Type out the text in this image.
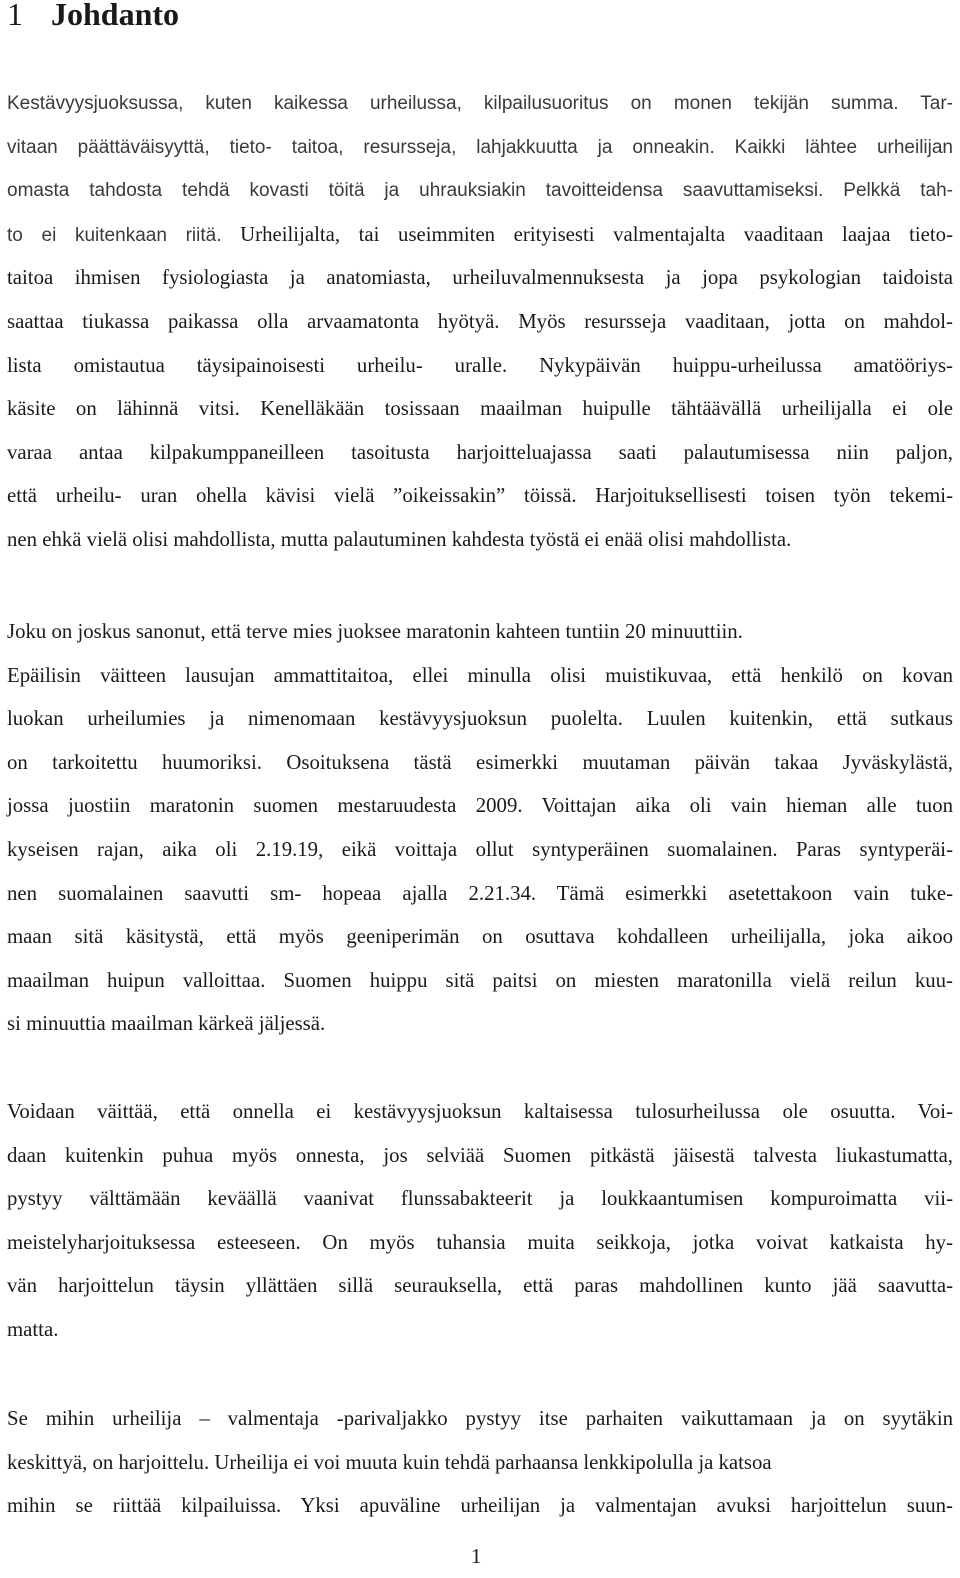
1 Johdanto
Kestävyysjuoksussa, kuten kaikessa urheilussa, kilpailusuoritus on monen tekijän summa. Tar-
vitaan päättäväisyyttä, tieto- taitoa, resursseja, lahjakkuutta ja onneakin. Kaikki lähtee urheilijan
omasta tahdosta tehdä kovasti töitä ja uhrauksiakin tavoitteidensa saavuttamiseksi. Pelkkä tah-
to ei kuitenkaan riitä. Urheilijalta, tai useimmiten erityisesti valmentajalta vaaditaan laajaa tieto-
taitoa ihmisen fysiologiasta ja anatomiasta, urheiluvalmennuksesta ja jopa psykologian taidoista
saattaa tiukassa paikassa olla arvaamatonta hyötyä. Myös resursseja vaaditaan, jotta on mahdol-
lista omistautua täysipainoisesti urheilu- uralle. Nykypäivän huippu-urheilussa amatööriys-
käsite on lähinnä vitsi. Kenelläkään tosissaan maailman huipulle tähtäävällä urheilijalla ei ole
varaa antaa kilpakumppaneilleen tasoitusta harjoitteluajassa saati palautumisessa niin paljon,
että urheilu- uran ohella kävisi vielä ”oikeissakin” töissä. Harjoituksellisesti toisen työn tekemi-
nen ehkä vielä olisi mahdollista, mutta palautuminen kahdesta työstä ei enää olisi mahdollista.
Joku on joskus sanonut, että terve mies juoksee maratonin kahteen tuntiin 20 minuuttiin.
Epäilisin väitteen lausujan ammattitaitoa, ellei minulla olisi muistikuvaa, että henkilö on kovan
luokan urheilumies ja nimenomaan kestävyysjuoksun puolelta. Luulen kuitenkin, että sutkaus
on tarkoitettu huumoriksi. Osoituksena tästä esimerkki muutaman päivän takaa Jyväskylästä,
jossa juostiin maratonin suomen mestaruudesta 2009. Voittajan aika oli vain hieman alle tuon
kyseisen rajan, aika oli 2.19.19, eikä voittaja ollut syntyperäinen suomalainen. Paras syntyperäi-
nen suomalainen saavutti sm- hopeaa ajalla 2.21.34. Tämä esimerkki asetettakoon vain tuke-
maan sitä käsitystä, että myös geeniperimän on osuttava kohdalleen urheilijalla, joka aikoo
maailman huipun valloittaa. Suomen huippu sitä paitsi on miesten maratonilla vielä reilun kuu-
si minuuttia maailman kärkeä jäljessä.
Voidaan väittää, että onnella ei kestävyysjuoksun kaltaisessa tulosurheilussa ole osuutta. Voi-
daan kuitenkin puhua myös onnesta, jos selviää Suomen pitkästä jäisestä talvesta liukastumatta,
pystyy välttämään keväällä vaanivat flunssabakteerit ja loukkaantumisen kompuroimatta vii-
meistelyharjoituksessa esteeseen. On myös tuhansia muita seikkoja, jotka voivat katkaista hy-
vän harjoittelun täysin yllättäen sillä seurauksella, että paras mahdollinen kunto jää saavutta-
matta.
Se mihin urheilija – valmentaja -parivaljakko pystyy itse parhaiten vaikuttamaan ja on syytäkin
keskittyä, on harjoittelu. Urheilija ei voi muuta kuin tehdä parhaansa lenkkipolulla ja katsoa
mihin se riittää kilpailuissa. Yksi apuväline urheilijan ja valmentajan avuksi harjoittelun suun-
1
